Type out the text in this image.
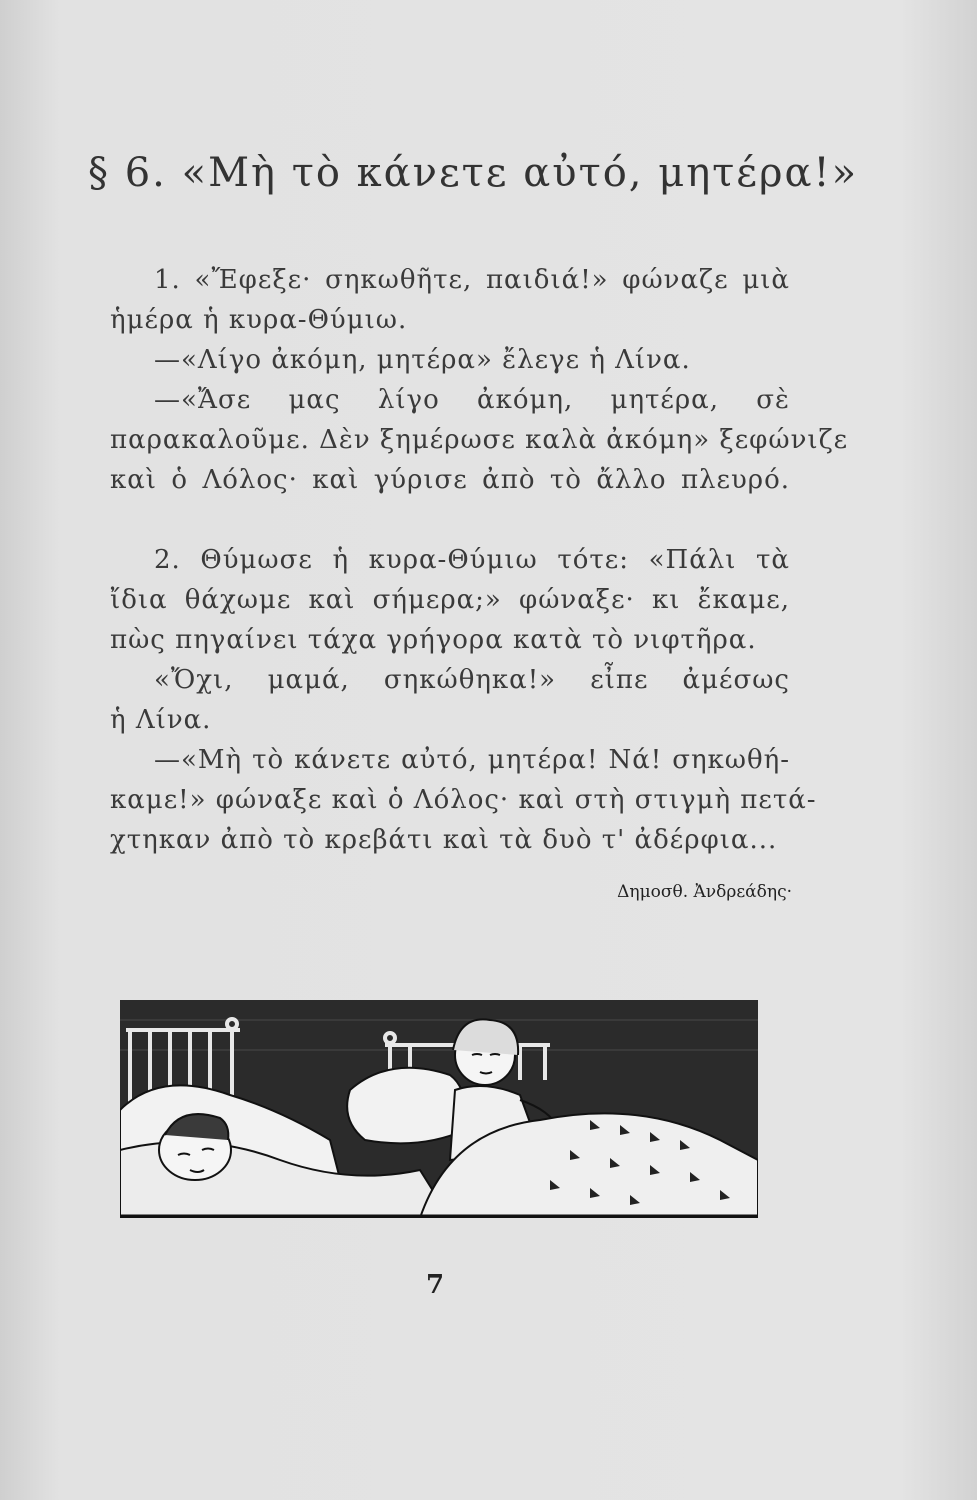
§ 6. «Μὴ τὸ κάνετε αὐτό, μητέρα!»
1. «Ἔφεξε· σηκωθῆτε, παιδιά!» φώναζε μιὰ
ἡμέρα ἡ κυρα-Θύμιω.
—«Λίγο ἀκόμη, μητέρα» ἔλεγε ἡ Λίνα.
—«Ἄσε μας λίγο ἀκόμη, μητέρα, σὲ
παρακαλοῦμε. Δὲν ξημέρωσε καλὰ ἀκόμη» ξεφώνιζε
καὶ ὁ Λόλος· καὶ γύρισε ἀπὸ τὸ ἄλλο πλευρό.
2. Θύμωσε ἡ κυρα-Θύμιω τότε: «Πάλι τὰ
ἴδια θάχωμε καὶ σήμερα;» φώναξε· κι ἔκαμε,
πὼς πηγαίνει τάχα γρήγορα κατὰ τὸ νιφτῆρα.
«Ὄχι, μαμά, σηκώθηκα!» εἶπε ἀμέσως
ἡ Λίνα.
—«Μὴ τὸ κάνετε αὐτό, μητέρα! Νά! σηκωθή-
καμε!» φώναξε καὶ ὁ Λόλος· καὶ στὴ στιγμὴ πετά-
χτηκαν ἀπὸ τὸ κρεβάτι καὶ τὰ δυὸ τ' ἀδέρφια...
Δημοσθ. Ἀνδρεάδης·
7
